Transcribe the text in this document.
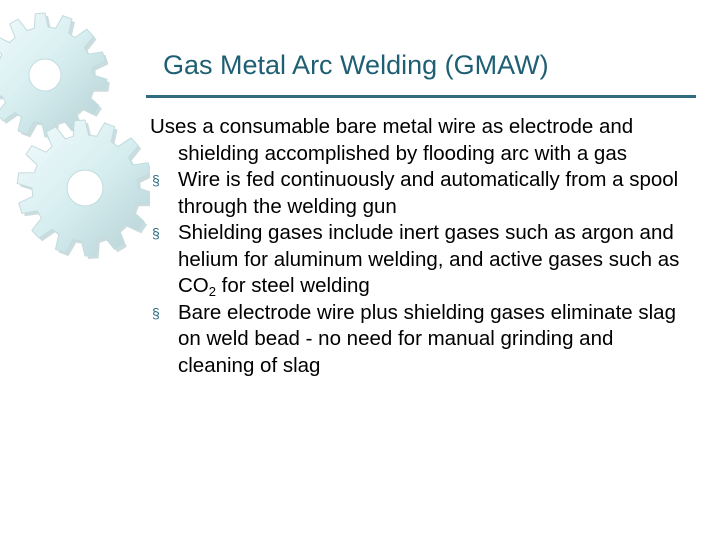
Gas Metal Arc Welding (GMAW)

Uses a consumable bare metal wire as electrode and shielding accomplished by flooding arc with a gas

§ Wire is fed continuously and automatically from a spool through the welding gun

§ Shielding gases include inert gases such as argon and helium for aluminum welding, and active gases such as $CO_2$ for steel welding

§ Bare electrode wire plus shielding gases eliminate slag on weld bead - no need for manual grinding and cleaning of slag
